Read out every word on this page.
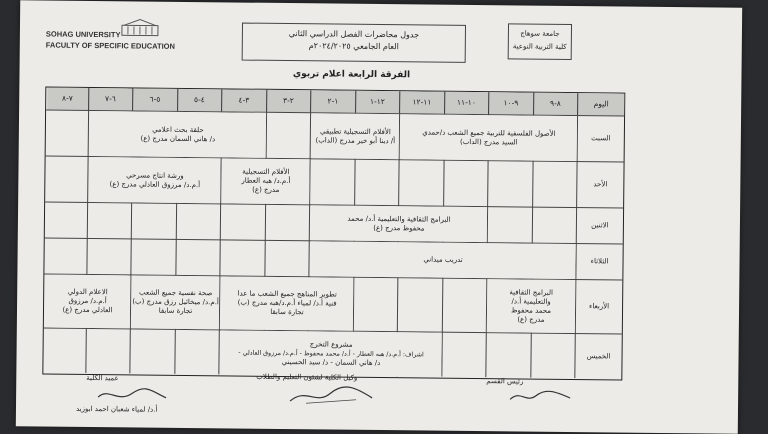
SOHAG UNIVERSITY
FACULTY OF SPECIFIC EDUCATION
جدول محاضرات الفصل الدراسي الثاني
العام الجامعي ٢٠٢٤/٢٠٢٥م
جامعة سوهاج
كلية التربية النوعية
الفرقة الرابعة اعلام تربوي
اليوم
٨-٩
٩-١٠
١٠-١١
١١-١٢
١٢-١
١-٢
٢-٣
٣-٤
٤-٥
٥-٦
٦-٧
٧-٨
السبت
الأحد
الاثنين
الثلاثاء
الأربعاء
الخميس
الأصول الفلسفية للتربية جميع الشعب د/حمدي
السيد مدرج (الداب)
الأفلام التسجيلية تطبيقي
أ/ دينا أبو خير مدرج (الداب)
حلقة بحث اعلامي
د/ هاني السمان مدرج (ع)
الأفلام التسجيلية
أ.م.د/ هبه العطار
مدرج (ع)
ورشة انتاج مسرحي
أ.م.د/ مرزوق العادلي مدرج (ع)
البرامج الثقافية والتعليمية أ.د/ محمد
محفوظ مدرج (ع)
تدريب ميداني
البرامج الثقافية
والتعليمية أ.د/
محمد محفوظ
مدرج (ع)
تطوير المناهج جميع الشعب ما عدا
فنية أ.د/ لمياء أ.م.د/هبه مدرج (ب)
تجارة سابقا
صحة نفسية جميع الشعب
أ.م.د/ ميخائيل رزق مدرج (ب)
تجارة سابقا
الاعلام الدولي
أ.م.د/ مرزوق
العادلي مدرج (ع)
مشروع التخرج
اشراف: أ.م.د/ هبه العطار - أ.د/ محمد محفوظ - أ.م.د/ مرزوق العادلي -
د/ هاني السمان - د/ سيد الحسيني
رئيس القسم
وكيل الكلية لشئون التعليم والطلاب
عميد الكلية
أ.د/ لمياء شعبان احمد ابوزيد
